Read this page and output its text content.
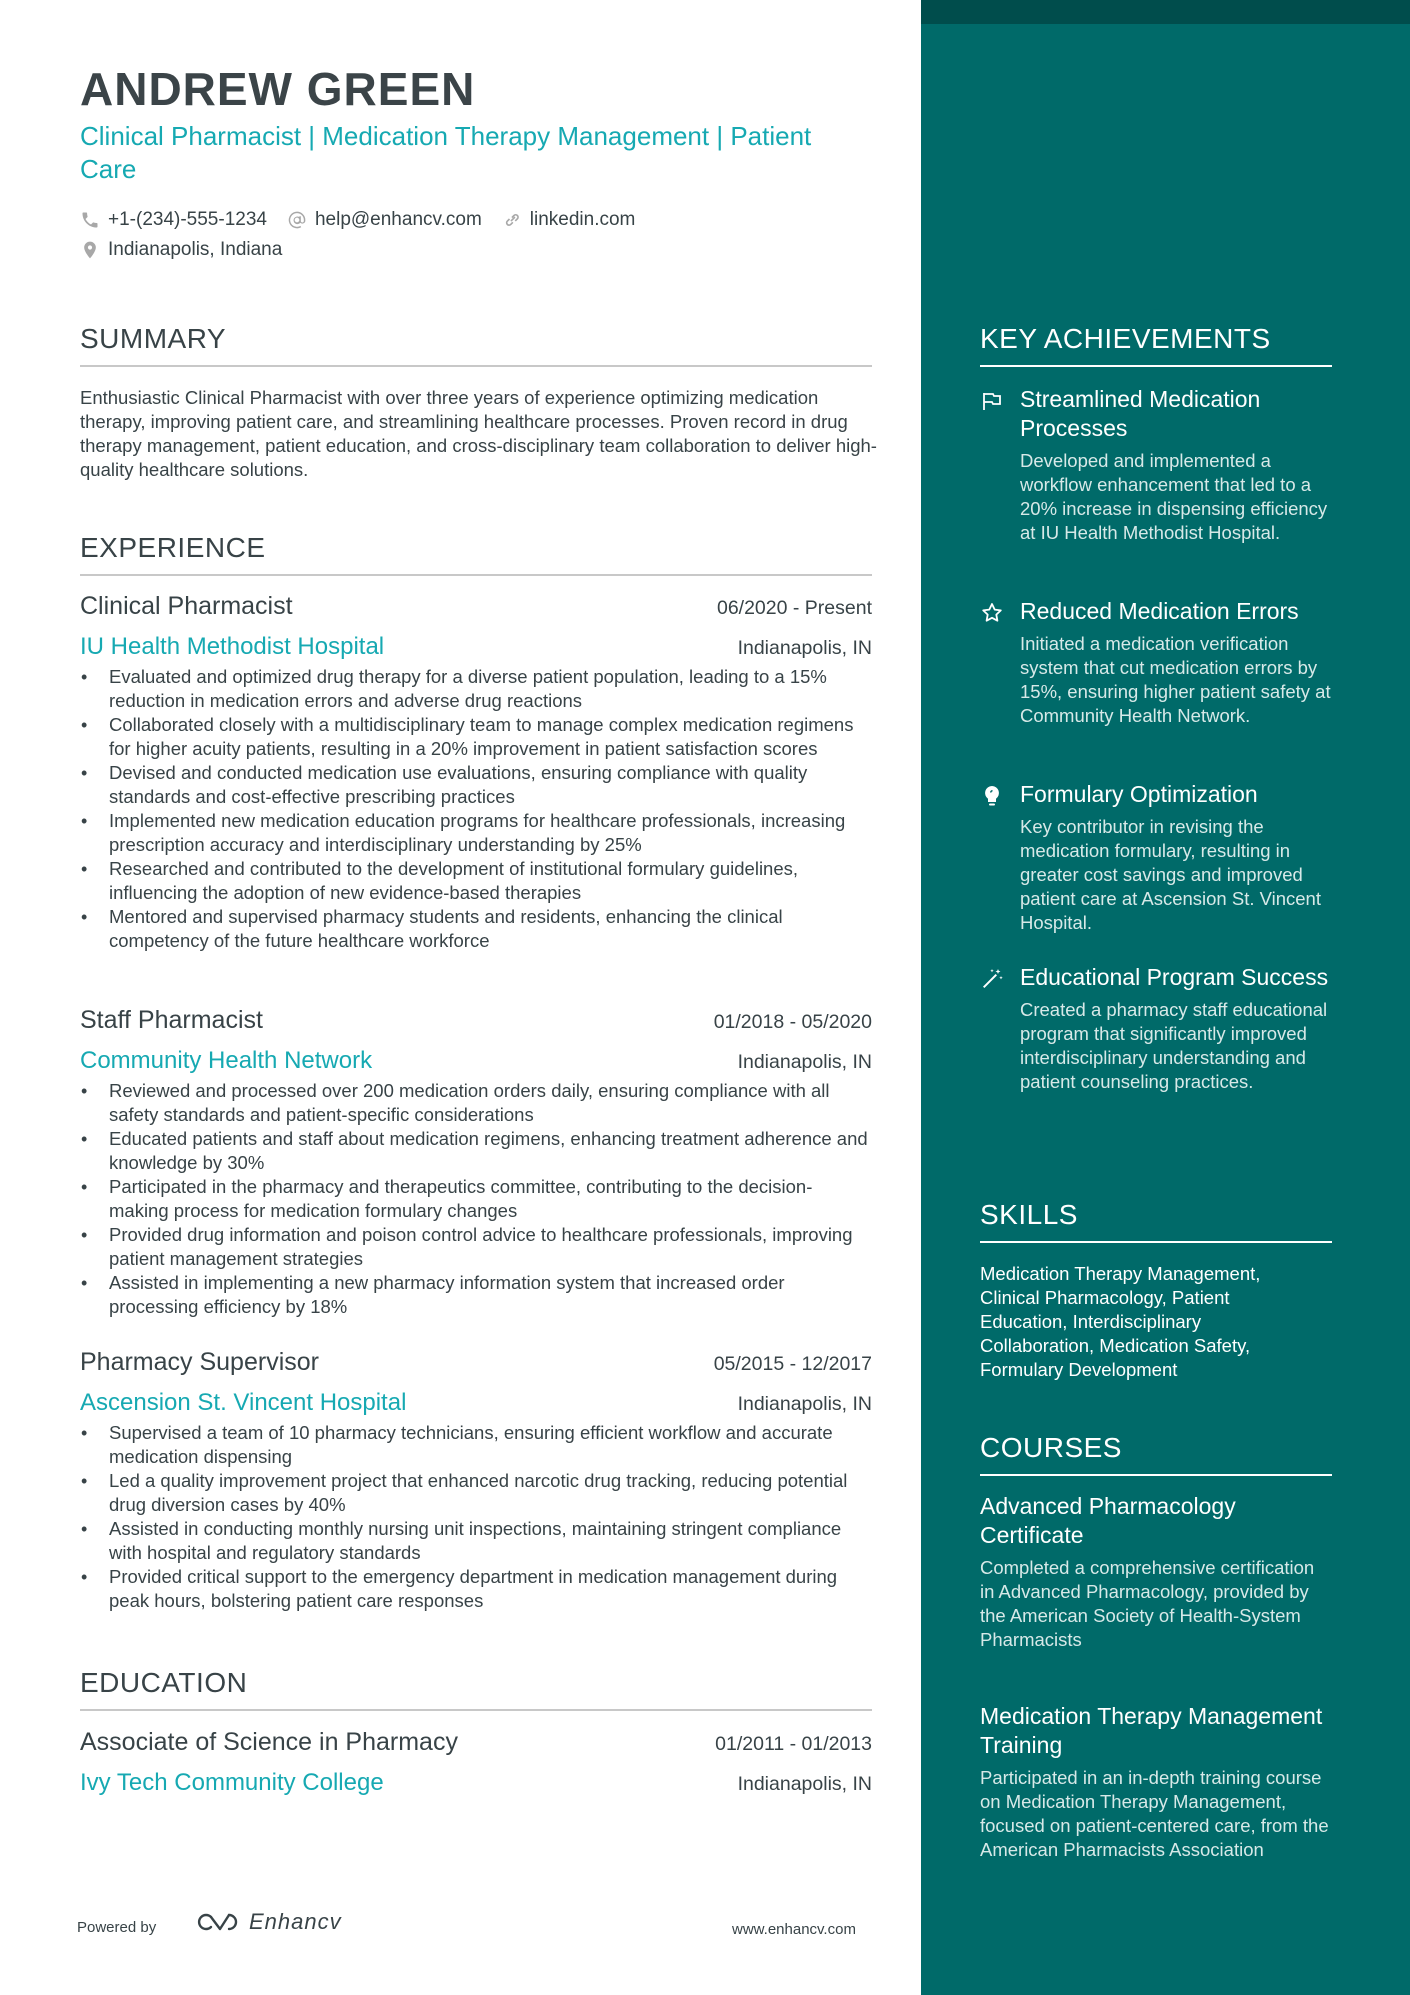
ANDREW GREEN
Clinical Pharmacist | Medication Therapy Management | Patient Care
+1-(234)-555-1234	help@enhancv.com	linkedin.com
Indianapolis, Indiana
SUMMARY
Enthusiastic Clinical Pharmacist with over three years of experience optimizing medication therapy, improving patient care, and streamlining healthcare processes. Proven record in drug therapy management, patient education, and cross-disciplinary team collaboration to deliver high-quality healthcare solutions.
EXPERIENCE
Clinical Pharmacist	06/2020 - Present
IU Health Methodist Hospital	Indianapolis, IN
• Evaluated and optimized drug therapy for a diverse patient population, leading to a 15% reduction in medication errors and adverse drug reactions
• Collaborated closely with a multidisciplinary team to manage complex medication regimens for higher acuity patients, resulting in a 20% improvement in patient satisfaction scores
• Devised and conducted medication use evaluations, ensuring compliance with quality standards and cost-effective prescribing practices
• Implemented new medication education programs for healthcare professionals, increasing prescription accuracy and interdisciplinary understanding by 25%
• Researched and contributed to the development of institutional formulary guidelines, influencing the adoption of new evidence-based therapies
• Mentored and supervised pharmacy students and residents, enhancing the clinical competency of the future healthcare workforce
Staff Pharmacist	01/2018 - 05/2020
Community Health Network	Indianapolis, IN
• Reviewed and processed over 200 medication orders daily, ensuring compliance with all safety standards and patient-specific considerations
• Educated patients and staff about medication regimens, enhancing treatment adherence and knowledge by 30%
• Participated in the pharmacy and therapeutics committee, contributing to the decision-making process for medication formulary changes
• Provided drug information and poison control advice to healthcare professionals, improving patient management strategies
• Assisted in implementing a new pharmacy information system that increased order processing efficiency by 18%
Pharmacy Supervisor	05/2015 - 12/2017
Ascension St. Vincent Hospital	Indianapolis, IN
• Supervised a team of 10 pharmacy technicians, ensuring efficient workflow and accurate medication dispensing
• Led a quality improvement project that enhanced narcotic drug tracking, reducing potential drug diversion cases by 40%
• Assisted in conducting monthly nursing unit inspections, maintaining stringent compliance with hospital and regulatory standards
• Provided critical support to the emergency department in medication management during peak hours, bolstering patient care responses
EDUCATION
Associate of Science in Pharmacy	01/2011 - 01/2013
Ivy Tech Community College	Indianapolis, IN
KEY ACHIEVEMENTS
Streamlined Medication Processes
Developed and implemented a workflow enhancement that led to a 20% increase in dispensing efficiency at IU Health Methodist Hospital.
Reduced Medication Errors
Initiated a medication verification system that cut medication errors by 15%, ensuring higher patient safety at Community Health Network.
Formulary Optimization
Key contributor in revising the medication formulary, resulting in greater cost savings and improved patient care at Ascension St. Vincent Hospital.
Educational Program Success
Created a pharmacy staff educational program that significantly improved interdisciplinary understanding and patient counseling practices.
SKILLS
Medication Therapy Management, Clinical Pharmacology, Patient Education, Interdisciplinary Collaboration, Medication Safety, Formulary Development
COURSES
Advanced Pharmacology Certificate
Completed a comprehensive certification in Advanced Pharmacology, provided by the American Society of Health-System Pharmacists
Medication Therapy Management Training
Participated in an in-depth training course on Medication Therapy Management, focused on patient-centered care, from the American Pharmacists Association
Powered by	Enhancv	www.enhancv.com
